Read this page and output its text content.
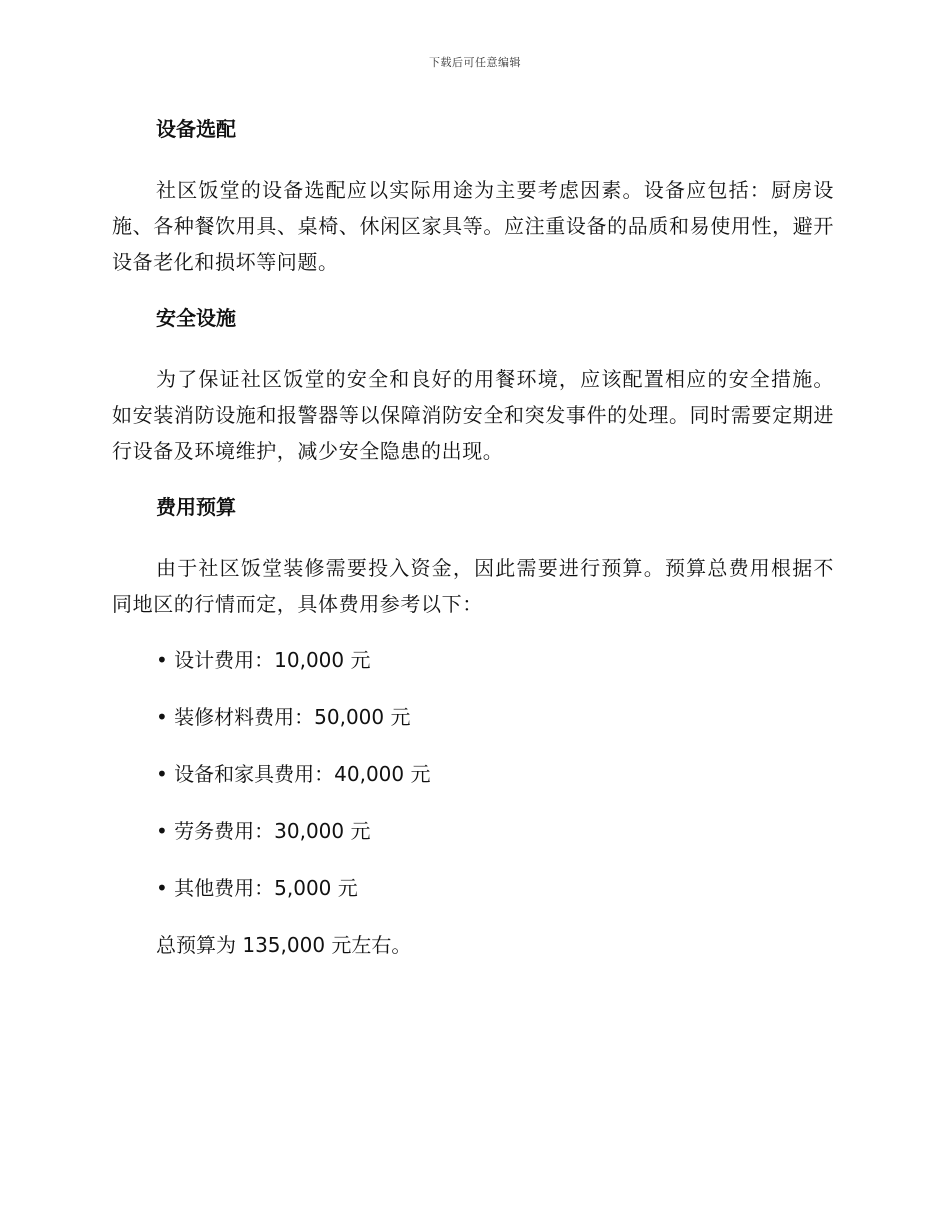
下载后可任意编辑
设备选配
社区饭堂的设备选配应以实际用途为主要考虑因素。设备应包括：厨房设施、各种餐饮用具、桌椅、休闲区家具等。应注重设备的品质和易使用性，避开设备老化和损坏等问题。
安全设施
为了保证社区饭堂的安全和良好的用餐环境，应该配置相应的安全措施。如安装消防设施和报警器等以保障消防安全和突发事件的处理。同时需要定期进行设备及环境维护，减少安全隐患的出现。
费用预算
由于社区饭堂装修需要投入资金，因此需要进行预算。预算总费用根据不同地区的行情而定，具体费用参考以下：
• 设计费用：10,000 元
• 装修材料费用：50,000 元
• 设备和家具费用：40,000 元
• 劳务费用：30,000 元
• 其他费用：5,000 元
总预算为 135,000 元左右。
